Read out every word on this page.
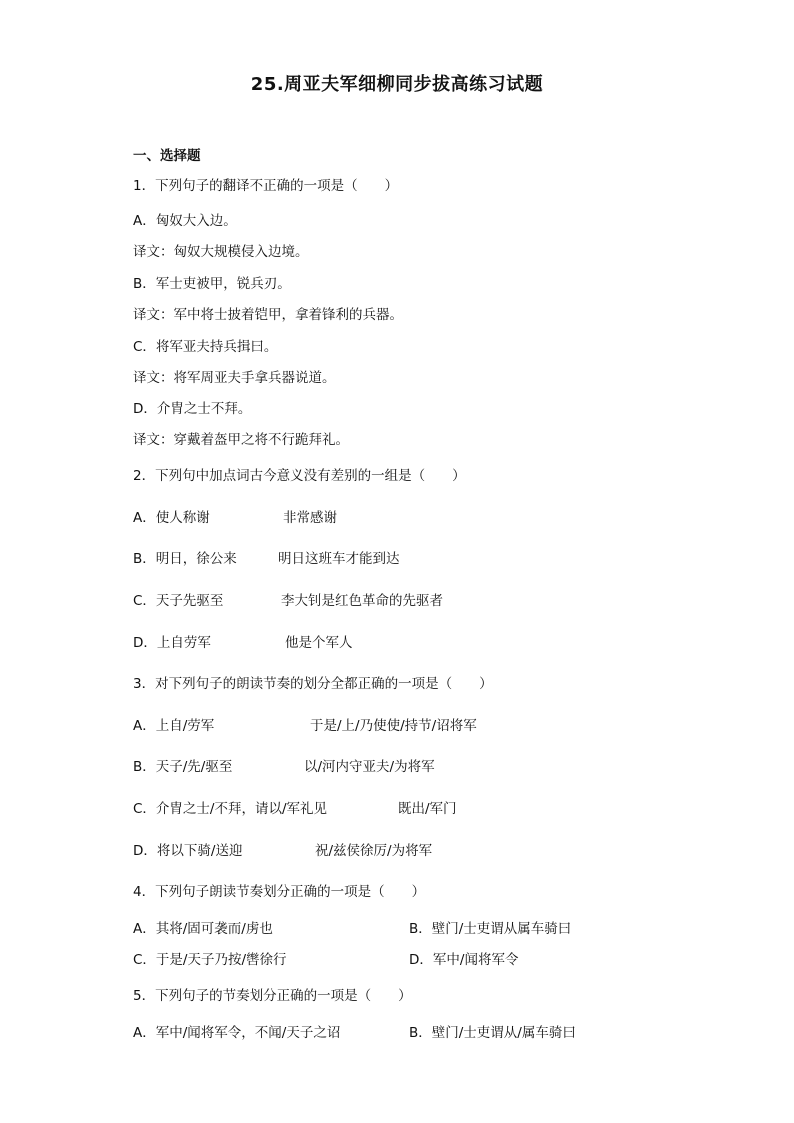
25.周亚夫军细柳同步拔高练习试题
一、选择题
1．下列句子的翻译不正确的一项是（　　）
A．匈奴大入边。
译文：匈奴大规模侵入边境。
B．军士吏被甲，锐兵刃。
译文：军中将士披着铠甲，拿着锋利的兵器。
C．将军亚夫持兵揖曰。
译文：将军周亚夫手拿兵器说道。
D．介胄之士不拜。
译文：穿戴着盔甲之将不行跪拜礼。
2．下列句中加点词古今意义没有差别的一组是（　　）
A．使人称谢	非常感谢
B．明日，徐公来	明日这班车才能到达
C．天子先驱至	李大钊是红色革命的先驱者
D．上自劳军	他是个军人
3．对下列句子的朗读节奏的划分全都正确的一项是（　　）
A．上自/劳军	于是/上/乃使使/持节/诏将军
B．天子/先/驱至	以/河内守亚夫/为将军
C．介胄之士/不拜，请以/军礼见	既出/军门
D．将以下骑/送迎	祝/兹侯徐厉/为将军
4．下列句子朗读节奏划分正确的一项是（　　）
A．其将/固可袭而/虏也	B．壁门/士吏谓从属车骑曰
C．于是/天子乃按/辔徐行	D．军中/闻将军令
5．下列句子的节奏划分正确的一项是（　　）
A．军中/闻将军令，不闻/天子之诏	B．壁门/士吏谓从/属车骑曰
